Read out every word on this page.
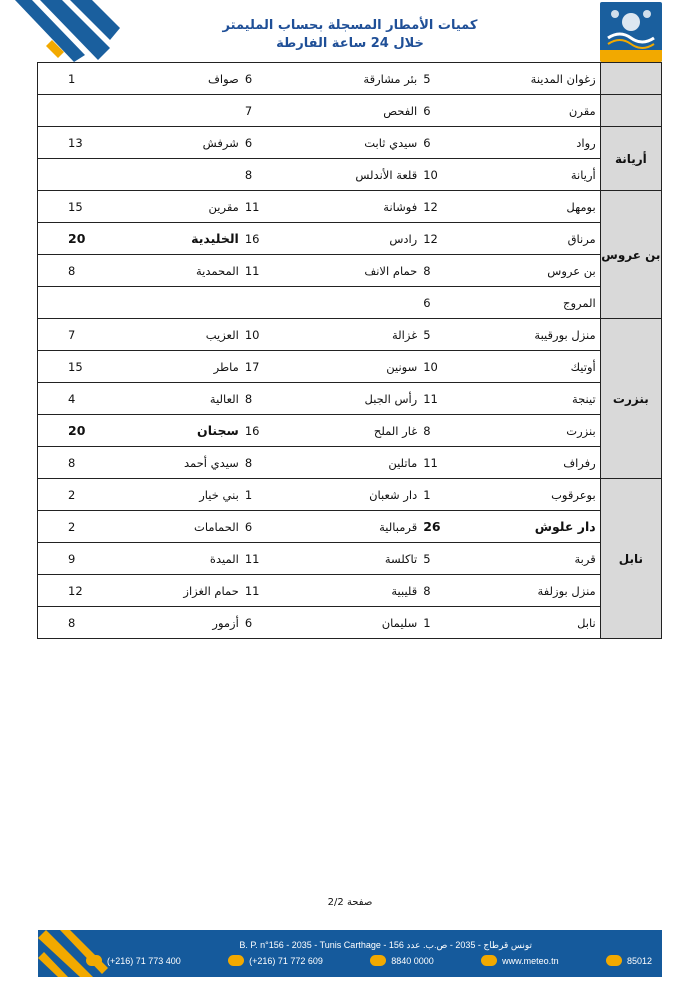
كميات الأمطار المسجلة بحساب المليمتر
خلال 24 ساعة الفارطة
	زغوان المدينة	5	بئر مشارقة	6	صواف	1
	مقرن	6	الفحص	7		
أريانة	رواد	6	سيدي ثابت	6	شرفش	13
	أريانة	10	قلعة الأندلس	8		
بن عروس	بومهل	12	فوشانة	11	مقرين	15
	مرناق	12	رادس	16	الخليدية	20
	بن عروس	8	حمام الانف	11	المحمدية	8
	المروج	6				
بنزرت	منزل بورقيبة	5	غزالة	10	العزيب	7
	أوتيك	10	سونين	17	ماطر	15
	تينجة	11	رأس الجبل	8	العالية	4
	بنزرت	8	غار الملح	16	سجنان	20
	رفراف	11	ماتلين	8	سيدي أحمد	8
نابل	بوعرقوب	1	دار شعبان	1	بني خيار	2
	دار علوش	26	قرمبالية	6	الحمامات	2
	قربة	5	تاكلسة	11	الميدة	9
	منزل بوزلفة	8	قليبية	11	حمام الغزاز	12
	نابل	1	سليمان	6	أزمور	8
صفحة 2/2
B. P. n°156 - 2035 - Tunis Carthage - تونس قرطاج - 2035 - ص.ب. عدد 156
(+216) 71 773 400	(+216) 71 772 609	8840 0000	www.meteo.tn	85012
